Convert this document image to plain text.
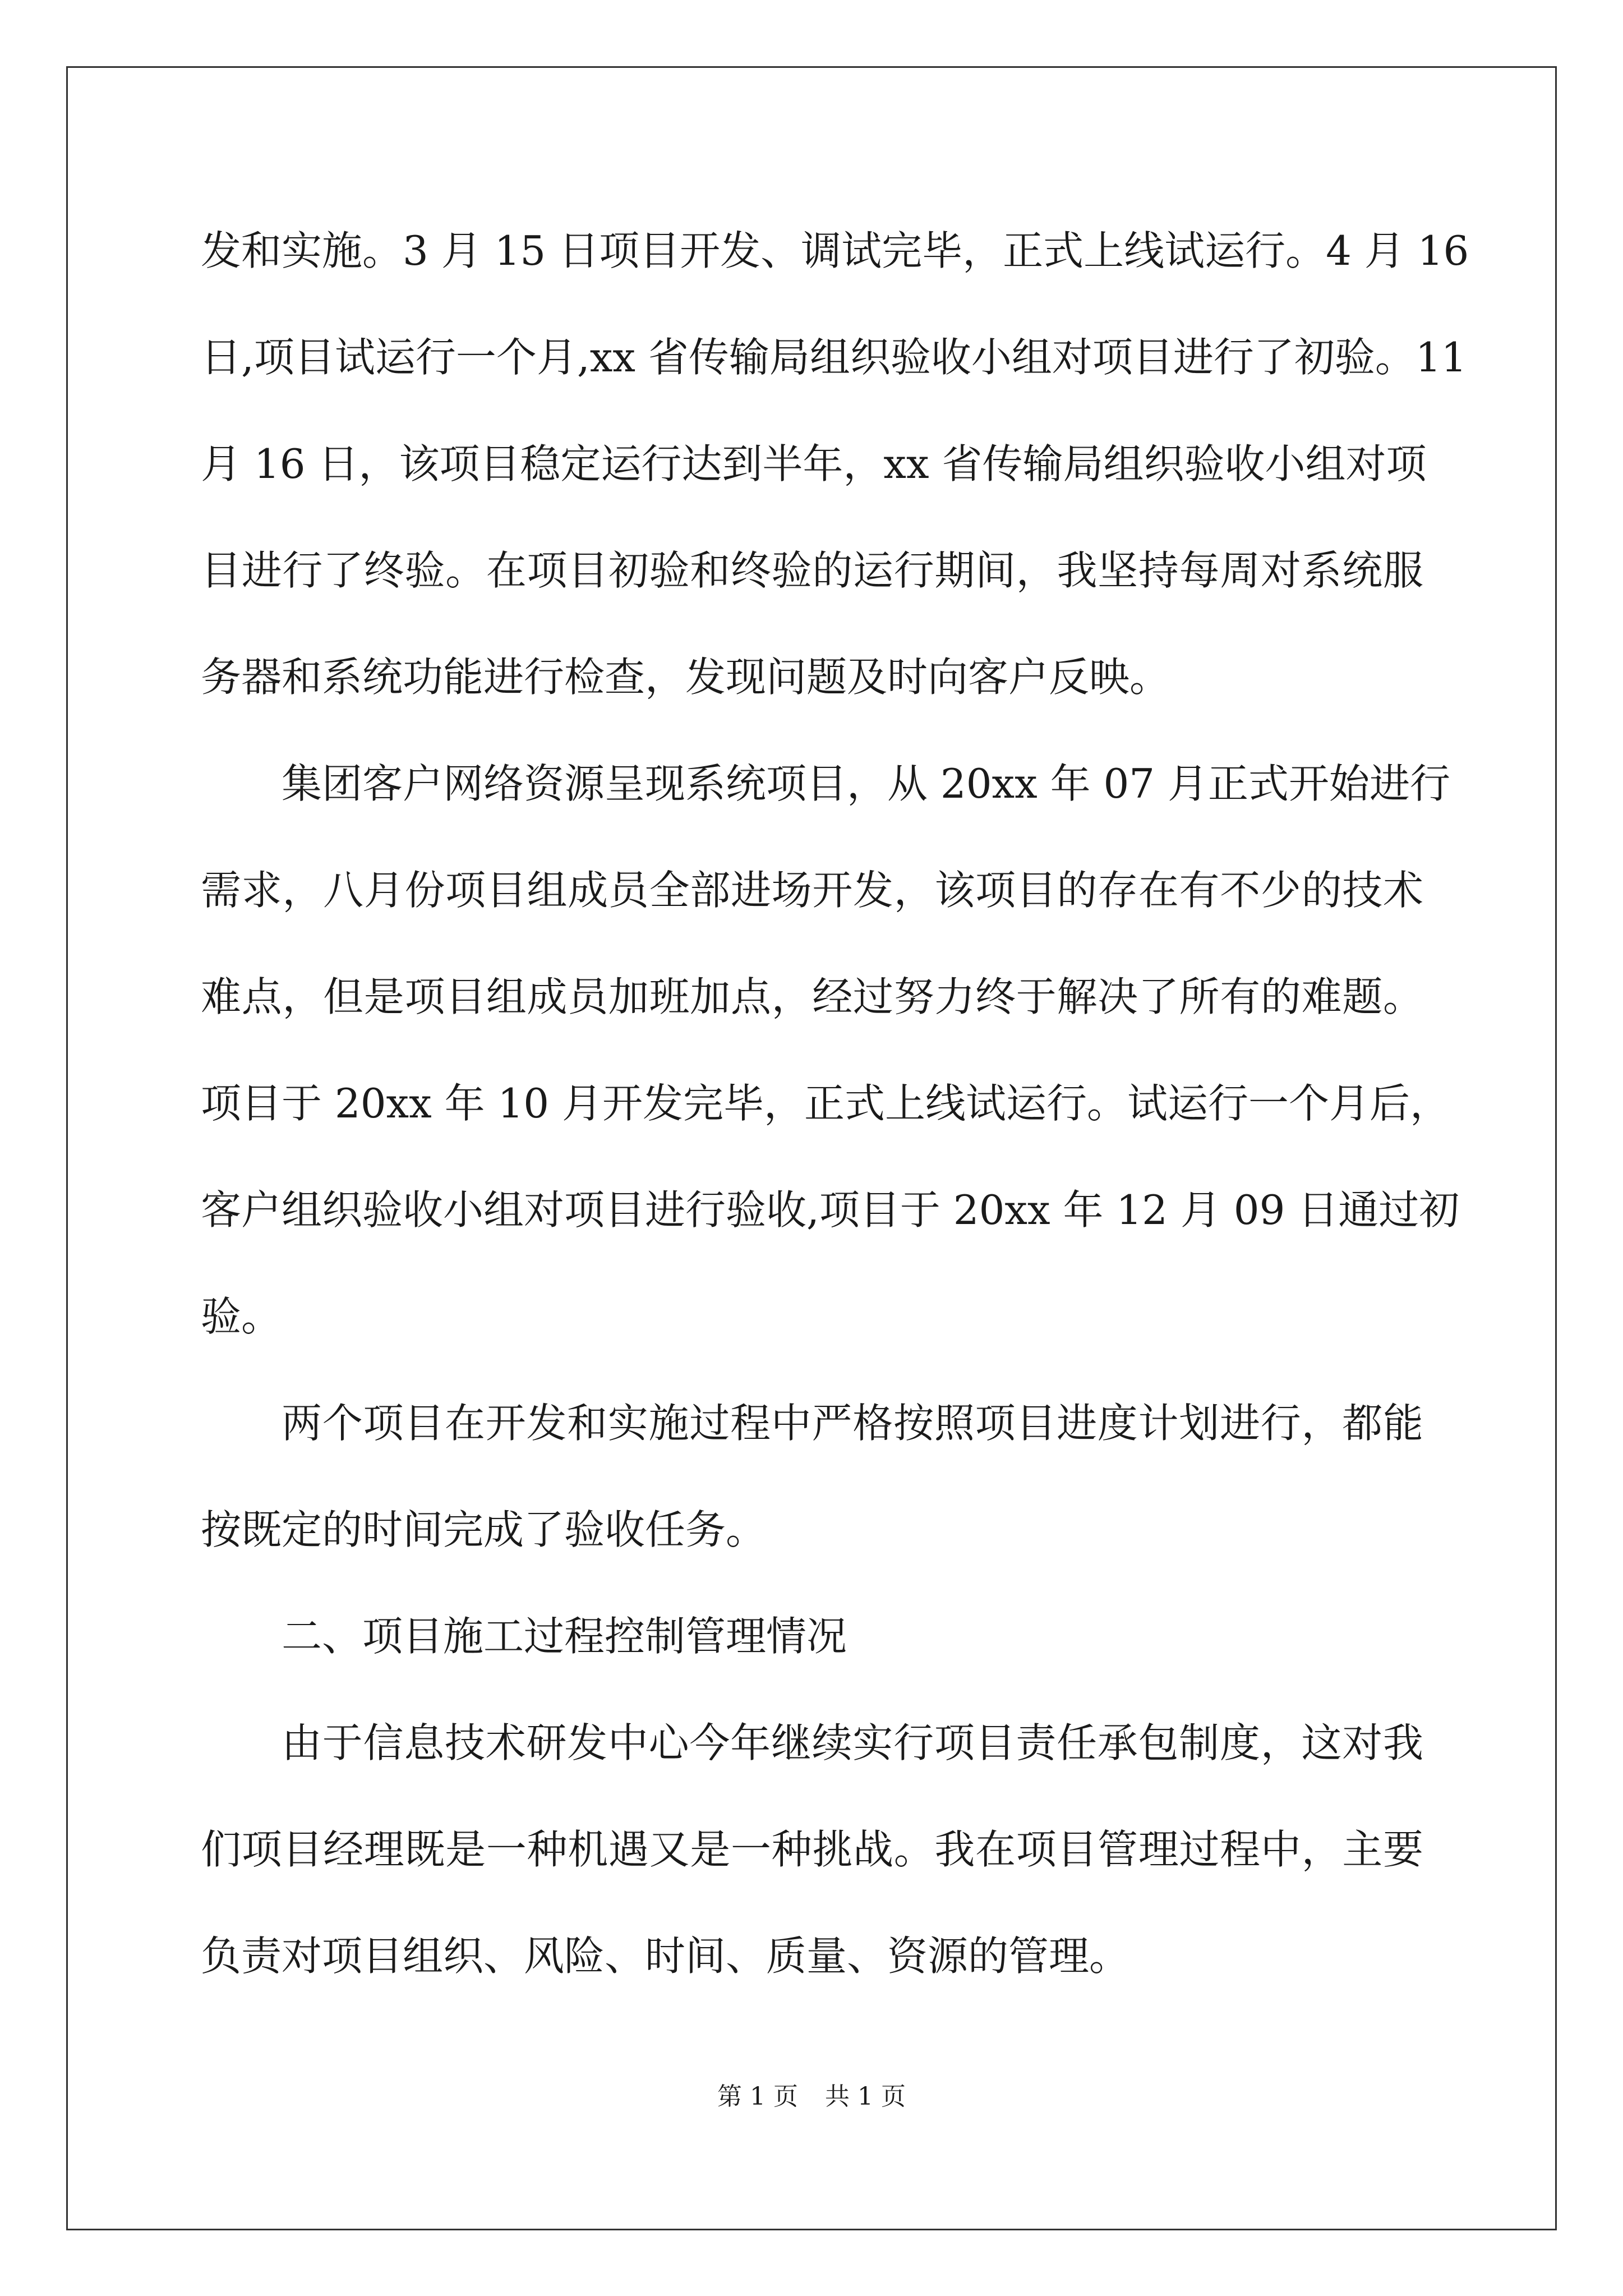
发和实施。3 月 15 日项目开发、调试完毕，正式上线试运行。4 月 16
日,项目试运行一个月,xx 省传输局组织验收小组对项目进行了初验。11
月 16 日，该项目稳定运行达到半年，xx 省传输局组织验收小组对项
目进行了终验。在项目初验和终验的运行期间，我坚持每周对系统服
务器和系统功能进行检查，发现问题及时向客户反映。
集团客户网络资源呈现系统项目，从 20xx 年 07 月正式开始进行
需求，八月份项目组成员全部进场开发，该项目的存在有不少的技术
难点，但是项目组成员加班加点，经过努力终于解决了所有的难题。
项目于 20xx 年 10 月开发完毕，正式上线试运行。试运行一个月后，
客户组织验收小组对项目进行验收,项目于 20xx 年 12 月 09 日通过初
验。
两个项目在开发和实施过程中严格按照项目进度计划进行，都能
按既定的时间完成了验收任务。
二、项目施工过程控制管理情况
由于信息技术研发中心今年继续实行项目责任承包制度，这对我
们项目经理既是一种机遇又是一种挑战。我在项目管理过程中，主要
负责对项目组织、风险、时间、质量、资源的管理。
第 1 页 共 1 页
